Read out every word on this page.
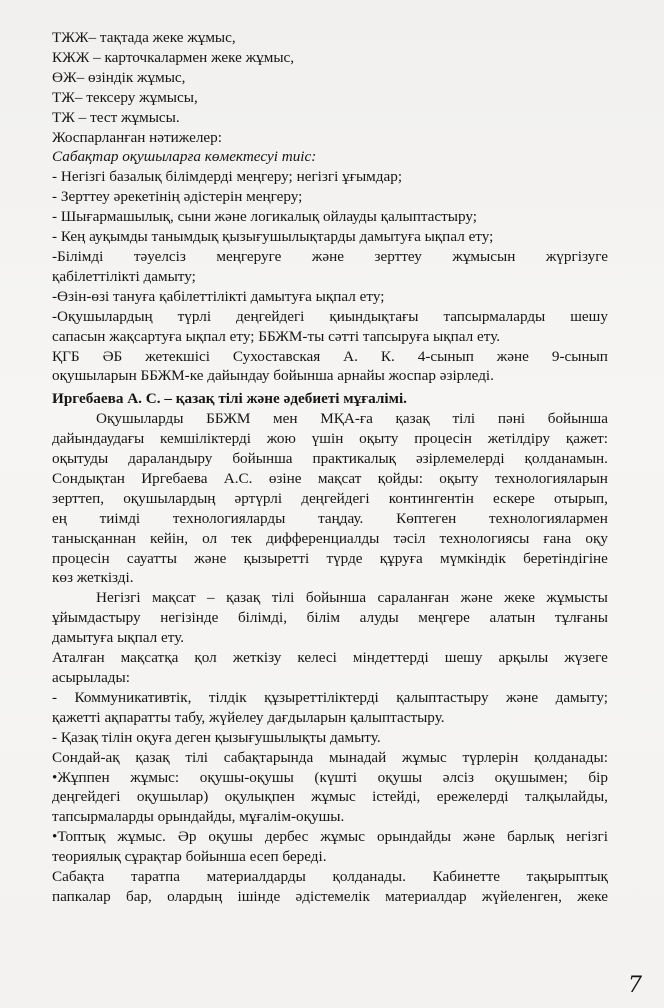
ТЖЖ– тақтада жеке жұмыс,
КЖЖ – карточкалармен жеке жұмыс,
ӨЖ– өзіндік жұмыс,
ТЖ– тексеру жұмысы,
ТЖ – тест жұмысы.
Жоспарланған нәтижелер:
Сабақтар оқушыларға көмектесуі тиіс:
- Негізгі базалық білімдерді меңгеру; негізгі ұғымдар;
- Зерттеу әрекетінің әдістерін меңгеру;
- Шығармашылық, сыни және логикалық ойлауды қалыптастыру;
- Кең ауқымды танымдық қызығушылықтарды дамытуға ықпал ету;
-Білімді тәуелсіз меңгеруге және зерттеу жұмысын жүргізуге
қабілеттілікті дамыту;
-Өзін-өзі тануға қабілеттілікті дамытуға ықпал ету;
-Оқушылардың түрлі деңгейдегі қиындықтағы тапсырмаларды шешу
сапасын жақсартуға ықпал ету; ББЖМ-ты сәтті тапсыруға ықпал ету.
ҚГБ ӘБ жетекшісі Сухоставская А. К. 4-сынып және 9-сынып
оқушыларын ББЖМ-ке дайындау бойынша арнайы жоспар әзірледі.
Иргебаева А. С. – қазақ тілі және әдебиеті мұғалімі.
Оқушыларды ББЖМ мен МҚА-ға қазақ тілі пәні бойынша
дайындаудағы кемшіліктерді жою үшін оқыту процесін жетілдіру қажет:
оқытуды дараландыру бойынша практикалық әзірлемелерді қолданамын.
Сондықтан Иргебаева А.С. өзіне мақсат қойды: оқыту технологияларын
зерттеп, оқушылардың әртүрлі деңгейдегі контингентін ескере отырып,
ең тиімді технологияларды таңдау. Көптеген технологиялармен
танысқаннан кейін, ол тек дифференциалды тәсіл технологиясы ғана оқу
процесін сауатты және қызыретті түрде құруға мүмкіндік беретіндігіне
көз жеткізді.
Негізгі мақсат – қазақ тілі бойынша сараланған және жеке жұмысты
ұйымдастыру негізінде білімді, білім алуды меңгере алатын тұлғаны
дамытуға ықпал ету.
Аталған мақсатқа қол жеткізу келесі міндеттерді шешу арқылы жүзеге
асырылады:
- Коммуникативтік, тілдік құзыреттіліктерді қалыптастыру және дамыту;
қажетті ақпаратты табу, жүйелеу дағдыларын қалыптастыру.
- Қазақ тілін оқуға деген қызығушылықты дамыту.
Сондай-ақ қазақ тілі сабақтарында мынадай жұмыс түрлерін қолданады:
•Жұппен жұмыс: оқушы-оқушы (күшті оқушы әлсіз оқушымен; бір
деңгейдегі оқушылар) оқулықпен жұмыс істейді, ережелерді талқылайды,
тапсырмаларды орындайды, мұғалім-оқушы.
•Топтық жұмыс. Әр оқушы дербес жұмыс орындайды және барлық негізгі
теориялық сұрақтар бойынша есеп береді.
Сабақта таратпа материалдарды қолданады. Кабинетте тақырыптық
папкалар бар, олардың ішінде әдістемелік материалдар жүйеленген, жеке
7
